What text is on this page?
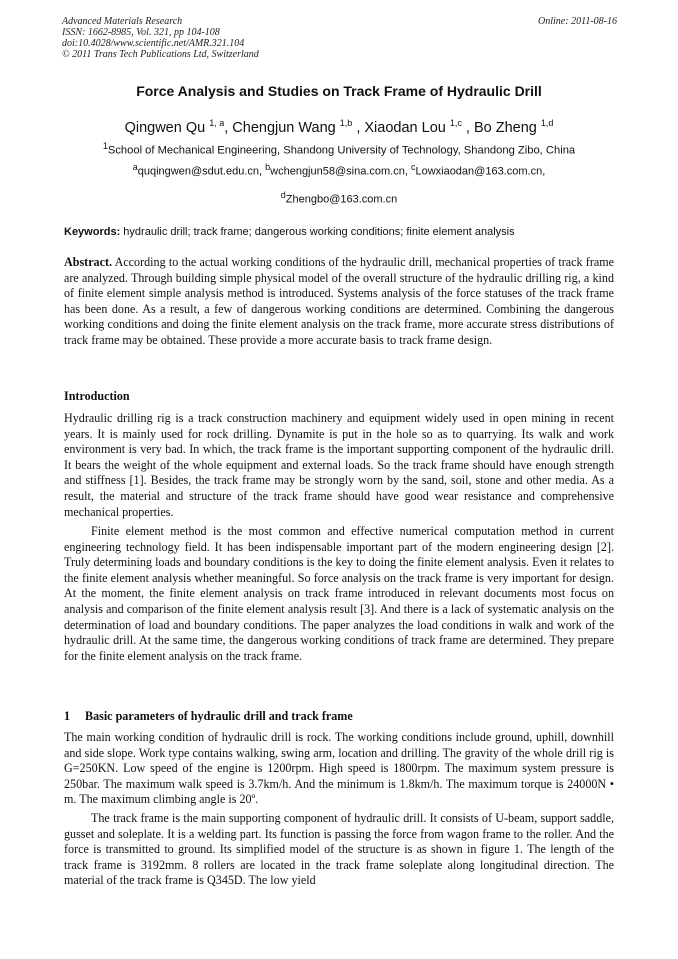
Advanced Materials Research
ISSN: 1662-8985, Vol. 321, pp 104-108
doi:10.4028/www.scientific.net/AMR.321.104
© 2011 Trans Tech Publications Ltd, Switzerland
Online: 2011-08-16
Force Analysis and Studies on Track Frame of Hydraulic Drill
Qingwen Qu $^{1, a}$, Chengjun Wang $^{1,b}$ , Xiaodan Lou $^{1,c}$ , Bo Zheng $^{1,d}$
$^1$School of Mechanical Engineering, Shandong University of Technology, Shandong Zibo, China
$^a$quqingwen@sdut.edu.cn, $^b$wchengjun58@sina.com.cn, $^c$Lowxiaodan@163.com.cn,
$^d$Zhengbo@163.com.cn
Keywords: hydraulic drill; track frame; dangerous working conditions; finite element analysis
Abstract. According to the actual working conditions of the hydraulic drill, mechanical properties of track frame are analyzed. Through building simple physical model of the overall structure of the hydraulic drilling rig, a kind of finite element simple analysis method is introduced. Systems analysis of the force statuses of the track frame has been done. As a result, a few of dangerous working conditions are determined. Combining the dangerous working conditions and doing the finite element analysis on the track frame, more accurate stress distributions of track frame may be obtained. These provide a more accurate basis to track frame design.
Introduction
Hydraulic drilling rig is a track construction machinery and equipment widely used in open mining in recent years. It is mainly used for rock drilling. Dynamite is put in the hole so as to quarrying. Its walk and work environment is very bad. In which, the track frame is the important supporting component of the hydraulic drill. It bears the weight of the whole equipment and external loads. So the track frame should have enough strength and stiffness [1]. Besides, the track frame may be strongly worn by the sand, soil, stone and other media. As a result, the material and structure of the track frame should have good wear resistance and comprehensive mechanical properties.
Finite element method is the most common and effective numerical computation method in current engineering technology field. It has been indispensable important part of the modern engineering design [2]. Truly determining loads and boundary conditions is the key to doing the finite element analysis. Even it relates to the finite element analysis whether meaningful. So force analysis on the track frame is very important for design. At the moment, the finite element analysis on track frame introduced in relevant documents most focus on analysis and comparison of the finite element analysis result [3]. And there is a lack of systematic analysis on the determination of load and boundary conditions. The paper analyzes the load conditions in walk and work of the hydraulic drill. At the same time, the dangerous working conditions of track frame are determined. They prepare for the finite element analysis on the track frame.
1 Basic parameters of hydraulic drill and track frame
The main working condition of hydraulic drill is rock. The working conditions include ground, uphill, downhill and side slope. Work type contains walking, swing arm, location and drilling. The gravity of the whole drill rig is G=250KN. Low speed of the engine is 1200rpm. High speed is 1800rpm. The maximum system pressure is 250bar. The maximum walk speed is 3.7km/h. And the minimum is 1.8km/h. The maximum torque is 24000N • m. The maximum climbing angle is 20º.
The track frame is the main supporting component of hydraulic drill. It consists of U-beam, support saddle, gusset and soleplate. It is a welding part. Its function is passing the force from wagon frame to the roller. And the force is transmitted to ground. Its simplified model of the structure is as shown in figure 1. The length of the track frame is 3192mm. 8 rollers are located in the track frame soleplate along longitudinal direction. The material of the track frame is Q345D. The low yield
